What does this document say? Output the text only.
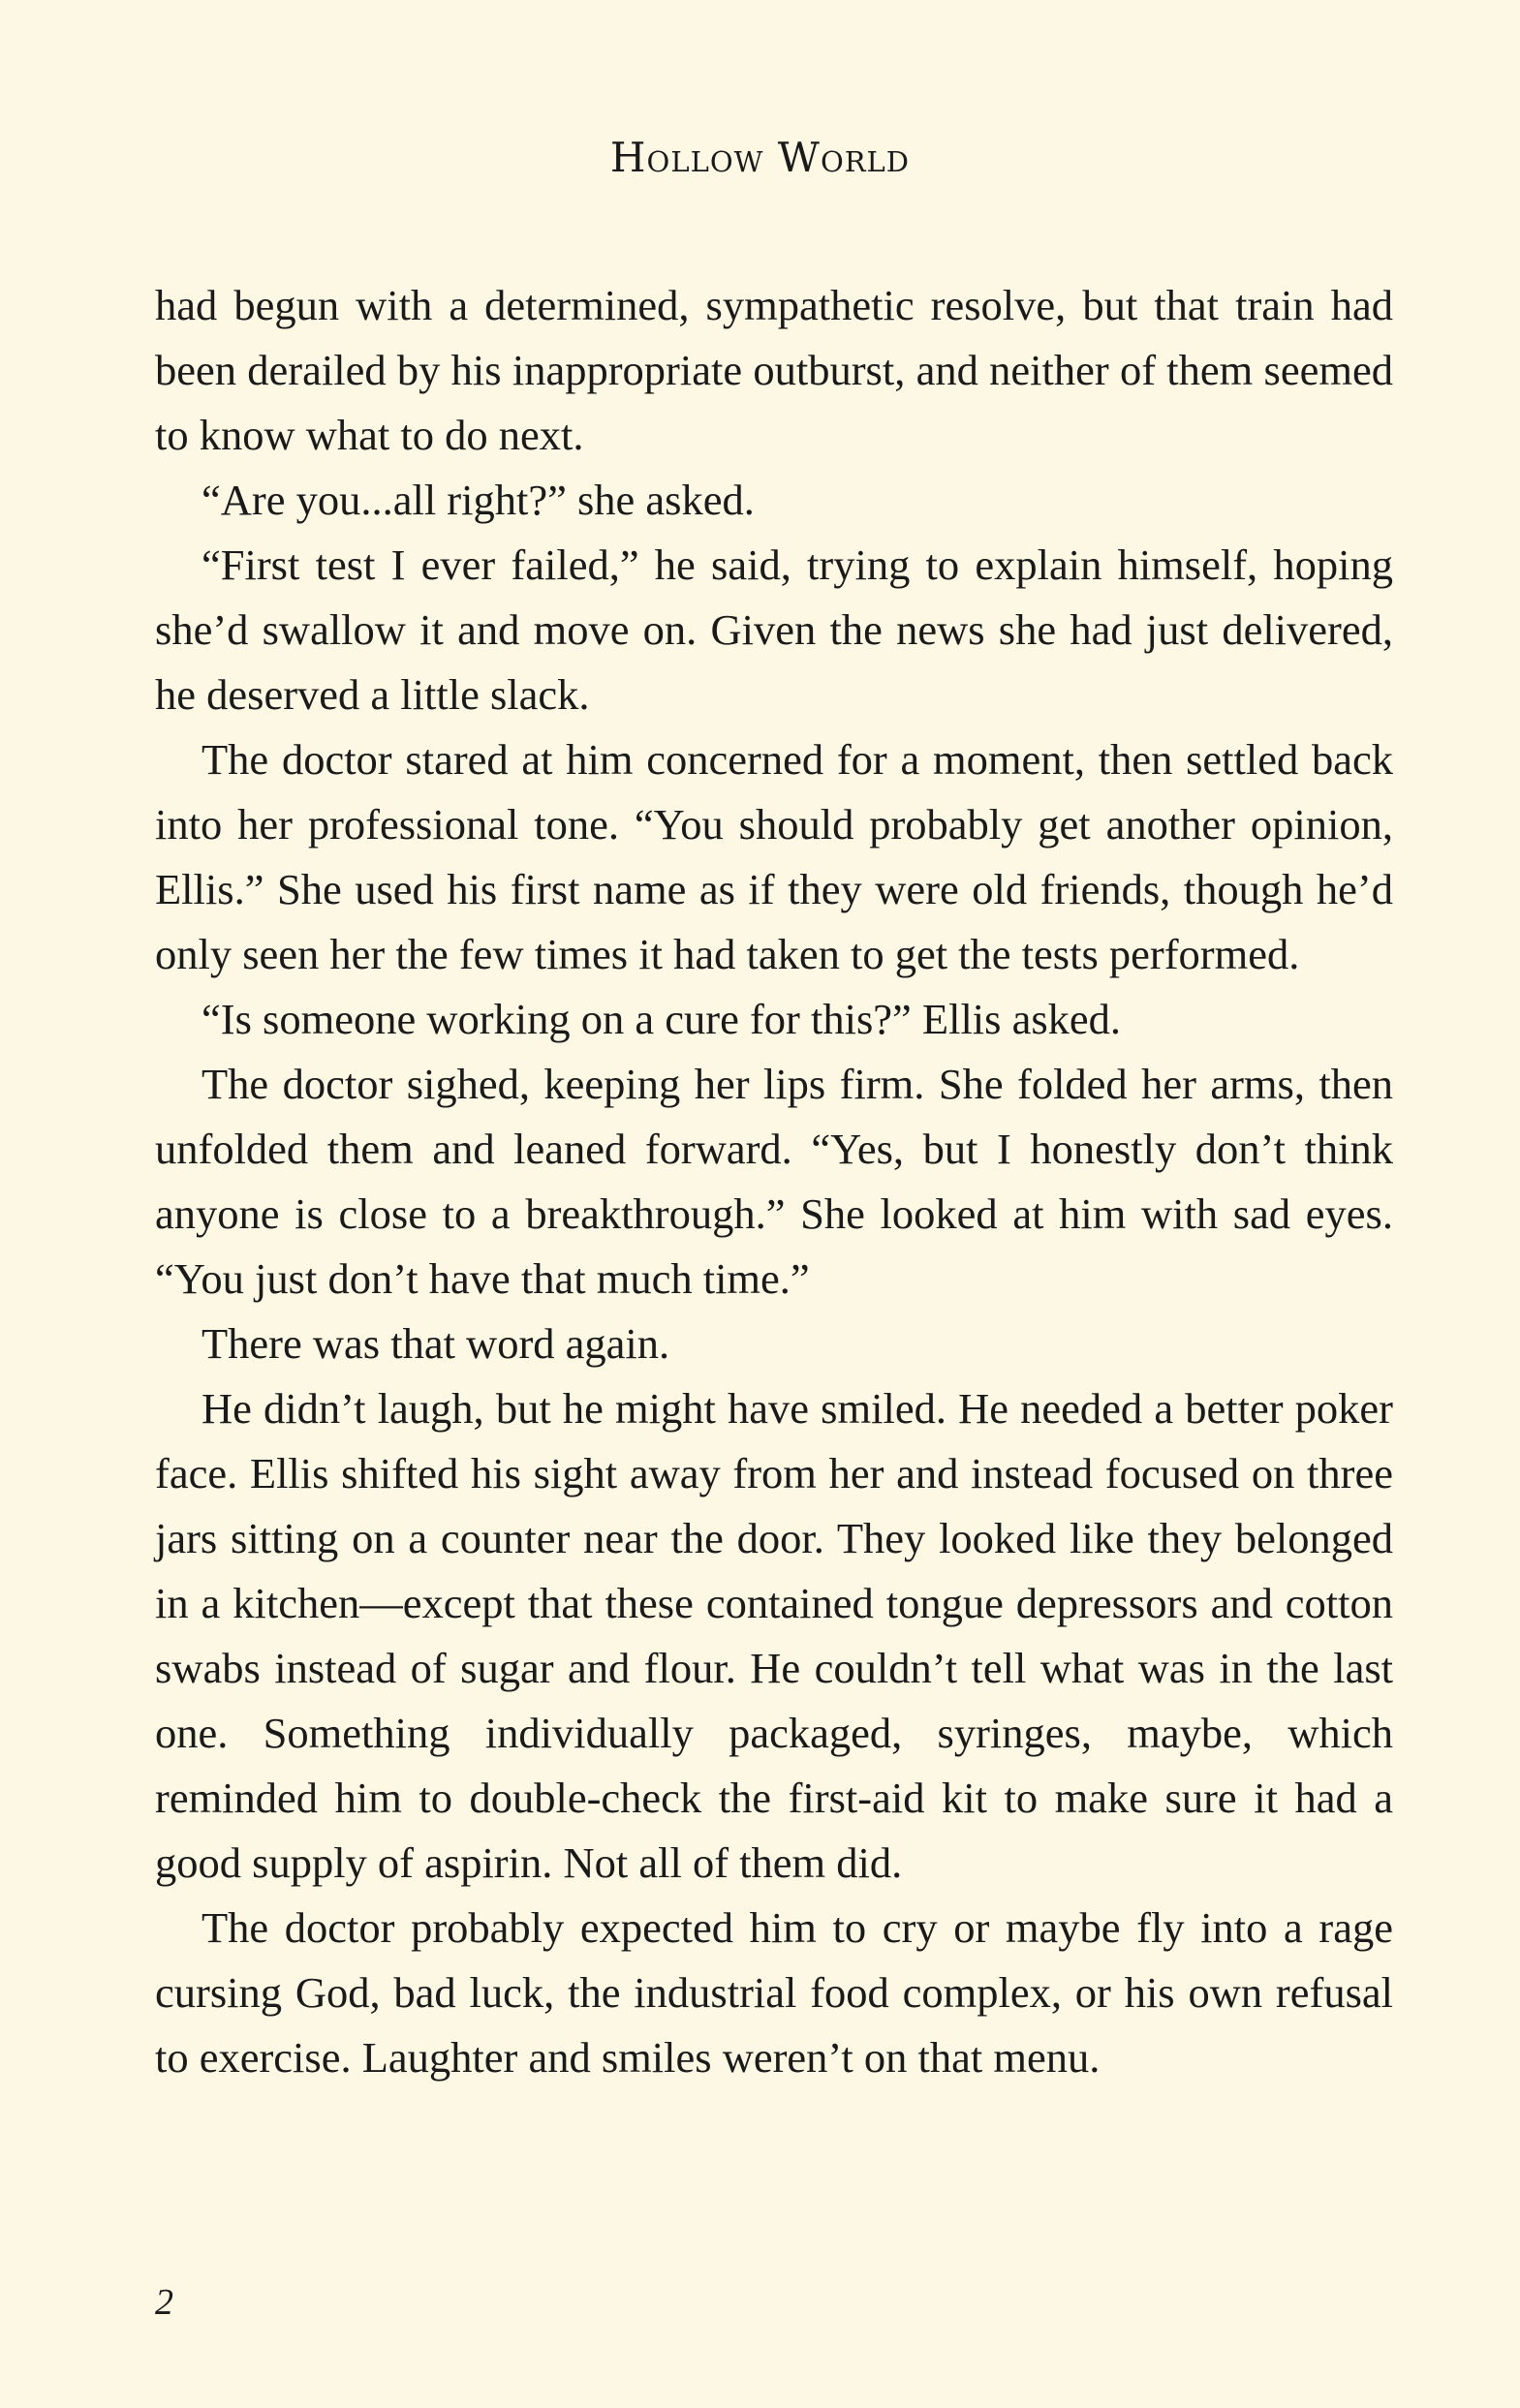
Hollow World

had begun with a determined, sympathetic resolve, but that train had been derailed by his inappropriate outburst, and neither of them seemed to know what to do next.

“Are you...all right?” she asked.

“First test I ever failed,” he said, trying to explain himself, hoping she’d swallow it and move on. Given the news she had just delivered, he deserved a little slack.

The doctor stared at him concerned for a moment, then settled back into her professional tone. “You should probably get another opinion, Ellis.” She used his first name as if they were old friends, though he’d only seen her the few times it had taken to get the tests performed.

“Is someone working on a cure for this?” Ellis asked.

The doctor sighed, keeping her lips firm. She folded her arms, then unfolded them and leaned forward. “Yes, but I honestly don’t think anyone is close to a breakthrough.” She looked at him with sad eyes. “You just don’t have that much time.”

There was that word again.

He didn’t laugh, but he might have smiled. He needed a better poker face. Ellis shifted his sight away from her and instead focused on three jars sitting on a counter near the door. They looked like they belonged in a kitchen—except that these contained tongue depressors and cotton swabs instead of sugar and flour. He couldn’t tell what was in the last one. Something individually packaged, syringes, maybe, which reminded him to double-check the first-aid kit to make sure it had a good supply of aspirin. Not all of them did.

The doctor probably expected him to cry or maybe fly into a rage cursing God, bad luck, the industrial food complex, or his own refusal to exercise. Laughter and smiles weren’t on that menu.

2
